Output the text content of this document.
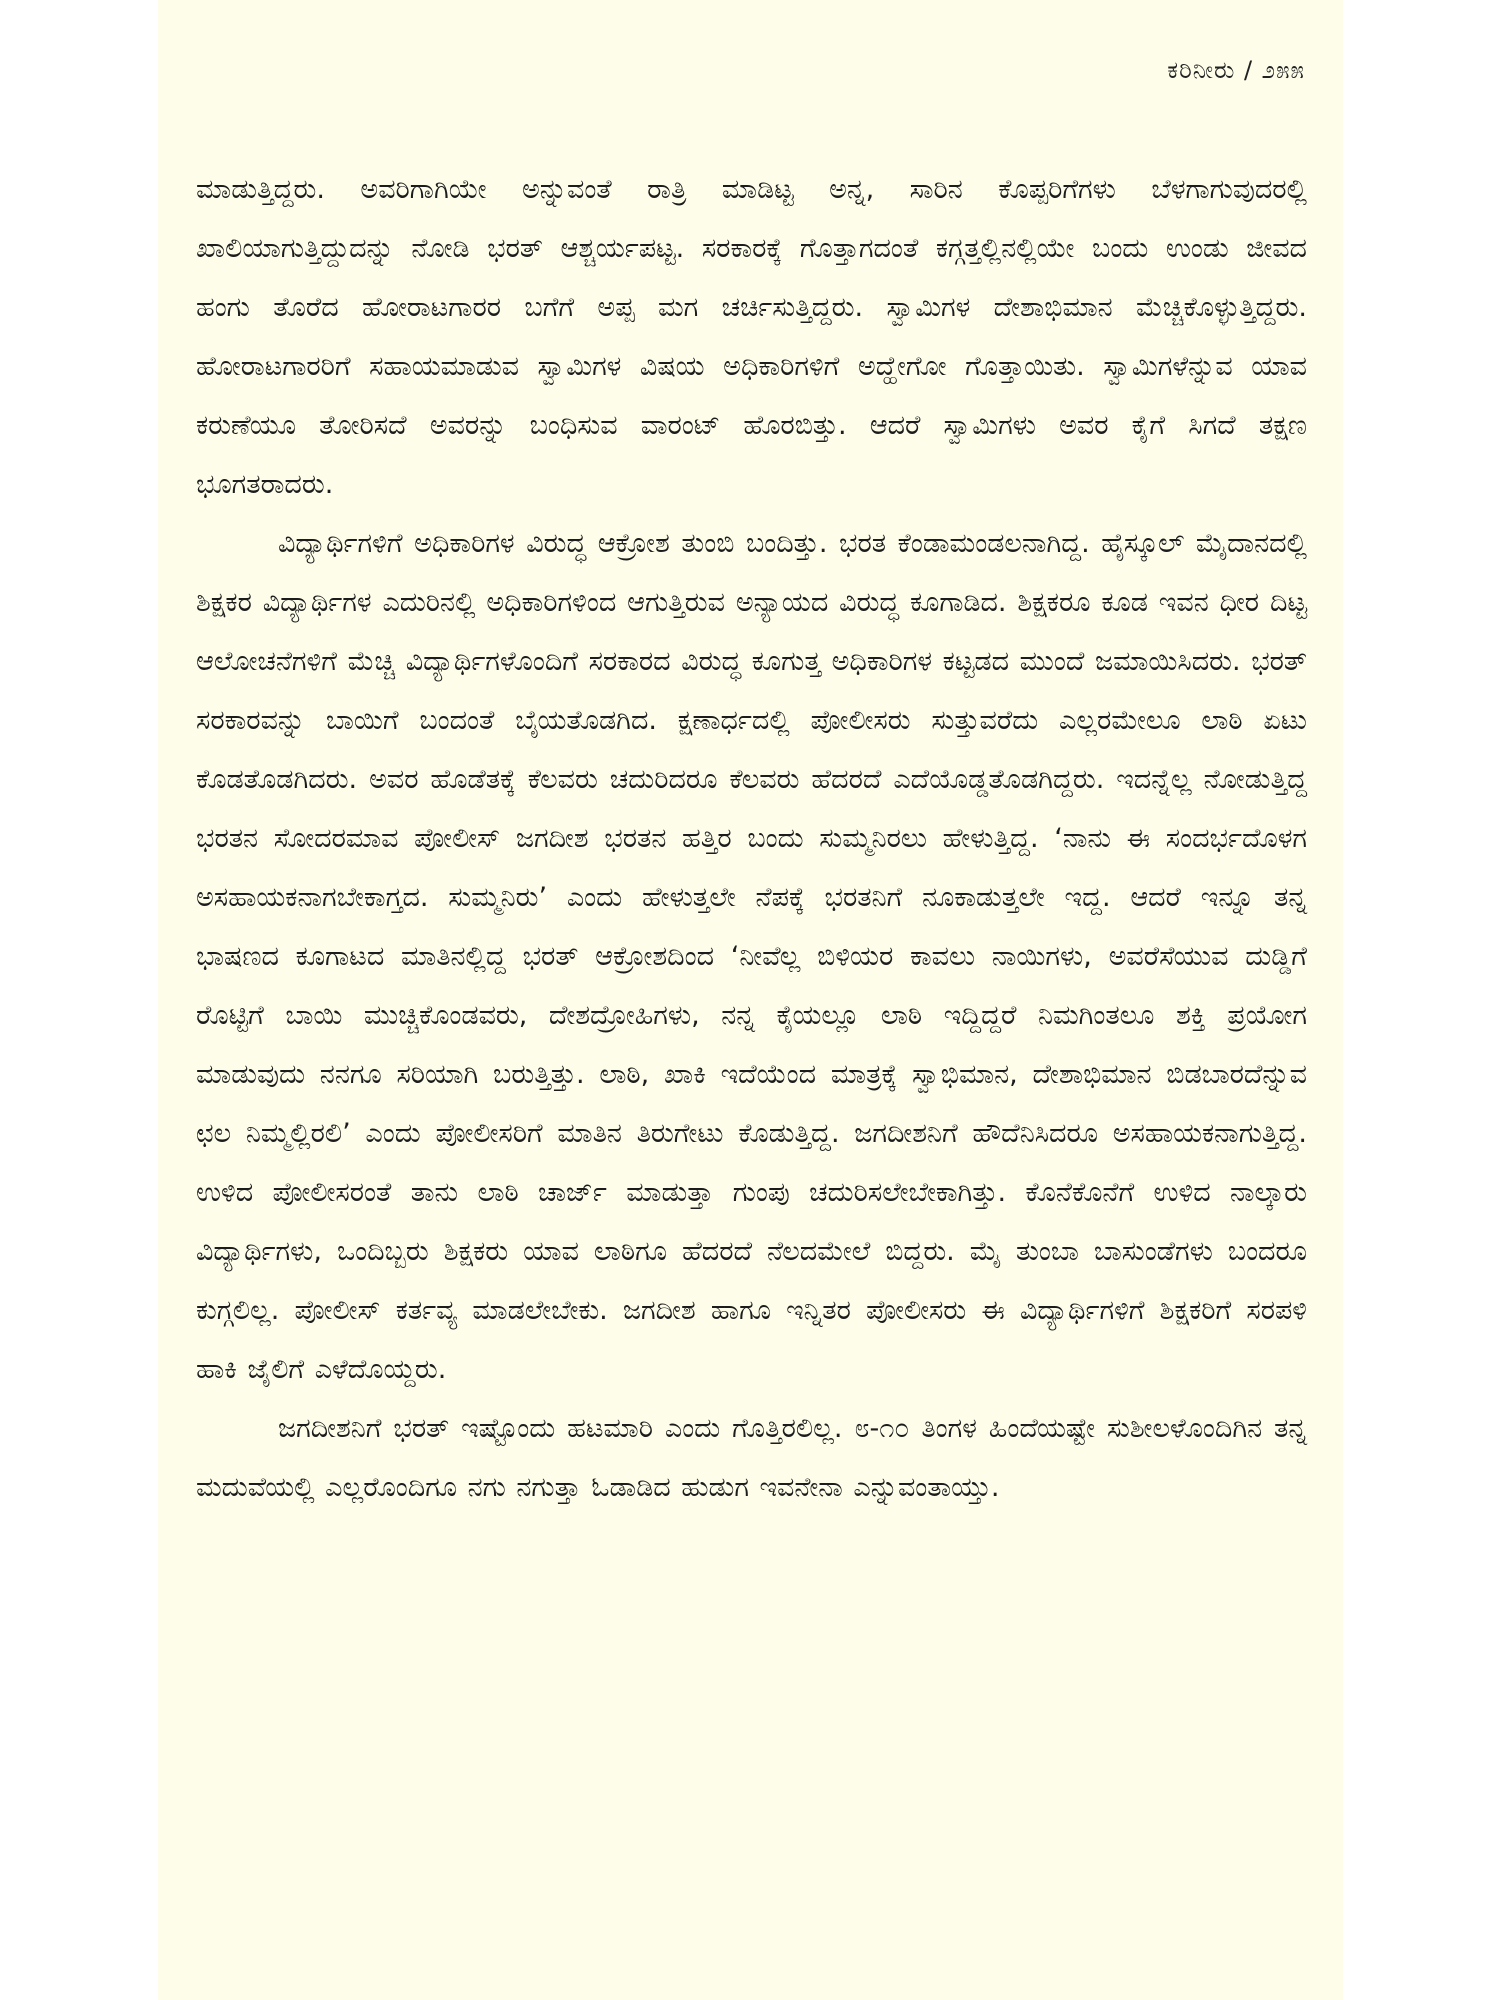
ಕರಿನೀರು / ೨೫೫

ಮಾಡುತ್ತಿದ್ದರು. ಅವರಿಗಾಗಿಯೇ ಅನ್ನುವಂತೆ ರಾತ್ರಿ ಮಾಡಿಟ್ಟ ಅನ್ನ, ಸಾರಿನ ಕೊಪ್ಪರಿಗೆಗಳು ಬೆಳಗಾಗುವುದರಲ್ಲಿ ಖಾಲಿಯಾಗುತ್ತಿದ್ದುದನ್ನು ನೋಡಿ ಭರತ್ ಆಶ್ಚರ್ಯಪಟ್ಟ. ಸರಕಾರಕ್ಕೆ ಗೊತ್ತಾಗದಂತೆ ಕಗ್ಗತ್ತಲ್ಲಿನಲ್ಲಿಯೇ ಬಂದು ಉಂಡು ಜೀವದ ಹಂಗು ತೊರೆದ ಹೋರಾಟಗಾರರ ಬಗೆಗೆ ಅಪ್ಪ ಮಗ ಚರ್ಚಿಸುತ್ತಿದ್ದರು. ಸ್ವಾಮಿಗಳ ದೇಶಾಭಿಮಾನ ಮೆಚ್ಚಿಕೊಳ್ಳುತ್ತಿದ್ದರು. ಹೋರಾಟಗಾರರಿಗೆ ಸಹಾಯಮಾಡುವ ಸ್ವಾಮಿಗಳ ವಿಷಯ ಅಧಿಕಾರಿಗಳಿಗೆ ಅದ್ಹೇಗೋ ಗೊತ್ತಾಯಿತು. ಸ್ವಾಮಿಗಳೆನ್ನುವ ಯಾವ ಕರುಣೆಯೂ ತೋರಿಸದೆ ಅವರನ್ನು ಬಂಧಿಸುವ ವಾರಂಟ್ ಹೊರಬಿತ್ತು. ಆದರೆ ಸ್ವಾಮಿಗಳು ಅವರ ಕೈಗೆ ಸಿಗದೆ ತಕ್ಷಣ ಭೂಗತರಾದರು.

ವಿದ್ಯಾರ್ಥಿಗಳಿಗೆ ಅಧಿಕಾರಿಗಳ ವಿರುದ್ಧ ಆಕ್ರೋಶ ತುಂಬಿ ಬಂದಿತ್ತು. ಭರತ ಕೆಂಡಾಮಂಡಲನಾಗಿದ್ದ. ಹೈಸ್ಕೂಲ್ ಮೈದಾನದಲ್ಲಿ ಶಿಕ್ಷಕರ ವಿದ್ಯಾರ್ಥಿಗಳ ಎದುರಿನಲ್ಲಿ ಅಧಿಕಾರಿಗಳಿಂದ ಆಗುತ್ತಿರುವ ಅನ್ಯಾಯದ ವಿರುದ್ಧ ಕೂಗಾಡಿದ. ಶಿಕ್ಷಕರೂ ಕೂಡ ಇವನ ಧೀರ ದಿಟ್ಟ ಆಲೋಚನೆಗಳಿಗೆ ಮೆಚ್ಚಿ ವಿದ್ಯಾರ್ಥಿಗಳೊಂದಿಗೆ ಸರಕಾರದ ವಿರುದ್ಧ ಕೂಗುತ್ತ ಅಧಿಕಾರಿಗಳ ಕಟ್ಟಡದ ಮುಂದೆ ಜಮಾಯಿಸಿದರು. ಭರತ್ ಸರಕಾರವನ್ನು ಬಾಯಿಗೆ ಬಂದಂತೆ ಬೈಯತೊಡಗಿದ. ಕ್ಷಣಾರ್ಧದಲ್ಲಿ ಪೋಲೀಸರು ಸುತ್ತುವರೆದು ಎಲ್ಲರಮೇಲೂ ಲಾಠಿ ಏಟು ಕೊಡತೊಡಗಿದರು. ಅವರ ಹೊಡೆತಕ್ಕೆ ಕೆಲವರು ಚದುರಿದರೂ ಕೆಲವರು ಹೆದರದೆ ಎದೆಯೊಡ್ಡತೊಡಗಿದ್ದರು. ಇದನ್ನೆಲ್ಲ ನೋಡುತ್ತಿದ್ದ ಭರತನ ಸೋದರಮಾವ ಪೋಲೀಸ್ ಜಗದೀಶ ಭರತನ ಹತ್ತಿರ ಬಂದು ಸುಮ್ಮನಿರಲು ಹೇಳುತ್ತಿದ್ದ. ‘ನಾನು ಈ ಸಂದರ್ಭದೊಳಗ ಅಸಹಾಯಕನಾಗಬೇಕಾಗ್ತದ. ಸುಮ್ಮನಿರು’ ಎಂದು ಹೇಳುತ್ತಲೇ ನೆಪಕ್ಕೆ ಭರತನಿಗೆ ನೂಕಾಡುತ್ತಲೇ ಇದ್ದ. ಆದರೆ ಇನ್ನೂ ತನ್ನ ಭಾಷಣದ ಕೂಗಾಟದ ಮಾತಿನಲ್ಲಿದ್ದ ಭರತ್ ಆಕ್ರೋಶದಿಂದ ‘ನೀವೆಲ್ಲ ಬಿಳಿಯರ ಕಾವಲು ನಾಯಿಗಳು, ಅವರೆಸೆಯುವ ದುಡ್ಡಿಗೆ ರೊಟ್ಟಿಗೆ ಬಾಯಿ ಮುಚ್ಚಿಕೊಂಡವರು, ದೇಶದ್ರೋಹಿಗಳು, ನನ್ನ ಕೈಯಲ್ಲೂ ಲಾಠಿ ಇದ್ದಿದ್ದರೆ ನಿಮಗಿಂತಲೂ ಶಕ್ತಿ ಪ್ರಯೋಗ ಮಾಡುವುದು ನನಗೂ ಸರಿಯಾಗಿ ಬರುತ್ತಿತ್ತು. ಲಾಠಿ, ಖಾಕಿ ಇದೆಯೆಂದ ಮಾತ್ರಕ್ಕೆ ಸ್ವಾಭಿಮಾನ, ದೇಶಾಭಿಮಾನ ಬಿಡಬಾರದೆನ್ನುವ ಛಲ ನಿಮ್ಮಲ್ಲಿರಲಿ’ ಎಂದು ಪೋಲೀಸರಿಗೆ ಮಾತಿನ ತಿರುಗೇಟು ಕೊಡುತ್ತಿದ್ದ. ಜಗದೀಶನಿಗೆ ಹೌದೆನಿಸಿದರೂ ಅಸಹಾಯಕನಾಗುತ್ತಿದ್ದ. ಉಳಿದ ಪೋಲೀಸರಂತೆ ತಾನು ಲಾಠಿ ಚಾರ್ಜ್ ಮಾಡುತ್ತಾ ಗುಂಪು ಚದುರಿಸಲೇಬೇಕಾಗಿತ್ತು. ಕೊನೆಕೊನೆಗೆ ಉಳಿದ ನಾಲ್ಕಾರು ವಿದ್ಯಾರ್ಥಿಗಳು, ಒಂದಿಬ್ಬರು ಶಿಕ್ಷಕರು ಯಾವ ಲಾಠಿಗೂ ಹೆದರದೆ ನೆಲದಮೇಲೆ ಬಿದ್ದರು. ಮೈ ತುಂಬಾ ಬಾಸುಂಡೆಗಳು ಬಂದರೂ ಕುಗ್ಗಲಿಲ್ಲ. ಪೋಲೀಸ್ ಕರ್ತವ್ಯ ಮಾಡಲೇಬೇಕು. ಜಗದೀಶ ಹಾಗೂ ಇನ್ನಿತರ ಪೋಲೀಸರು ಈ ವಿದ್ಯಾರ್ಥಿಗಳಿಗೆ ಶಿಕ್ಷಕರಿಗೆ ಸರಪಳಿ ಹಾಕಿ ಜೈಲಿಗೆ ಎಳೆದೊಯ್ದರು.

ಜಗದೀಶನಿಗೆ ಭರತ್ ಇಷ್ಟೊಂದು ಹಟಮಾರಿ ಎಂದು ಗೊತ್ತಿರಲಿಲ್ಲ. ೮-೧೦ ತಿಂಗಳ ಹಿಂದೆಯಷ್ಟೇ ಸುಶೀಲಳೊಂದಿಗಿನ ತನ್ನ ಮದುವೆಯಲ್ಲಿ ಎಲ್ಲರೊಂದಿಗೂ ನಗು ನಗುತ್ತಾ ಓಡಾಡಿದ ಹುಡುಗ ಇವನೇನಾ ಎನ್ನುವಂತಾಯ್ತು.
